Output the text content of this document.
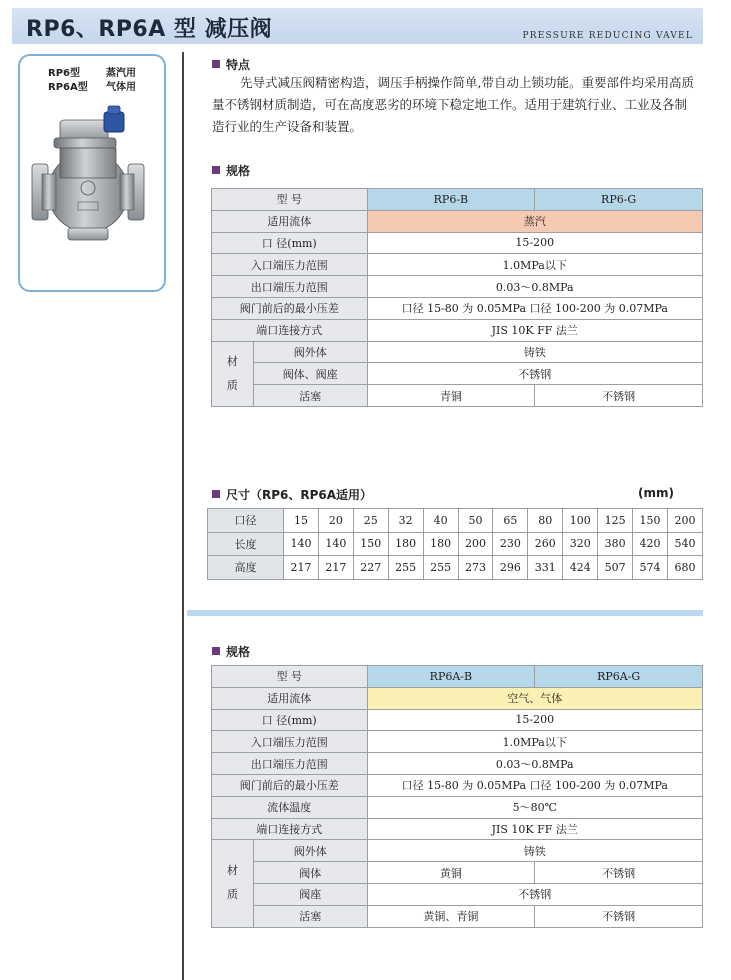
RP6、RP6A 型 减压阀	PRESSURE REDUCING VAVEL
RP6型	蒸汽用
RP6A型 气体用
特点

先导式减压阀精密构造，调压手柄操作简单,带自动上锁功能。重要部件均采用高质量不锈钢材质制造，可在高度恶劣的环境下稳定地工作。适用于建筑行业、工业及各制造行业的生产设备和装置。

规格
型 号		RP6-B	RP6-G
适用流体		蒸汽	
口 径(mm)		15-200	
入口端压力范围		1.0MPa以下	
出口端压力范围		0.03～0.8MPa	
阀门前后的最小压差		口径 15-80 为 0.05MPa 口径 100-200 为 0.07MPa	
端口连接方式		JIS 10K FF 法兰	
材
质	阀外体	铸铁	
	阀体、阀座	不锈钢	
	活塞	青铜	不锈钢
尺寸（RP6、RP6A适用）	(mm)
口径	15	20	25	32	40	50	65	80	100	125	150	200
长度	140	140	150	180	180	200	230	260	320	380	420	540
高度	217	217	227	255	255	273	296	331	424	507	574	680
规格
型 号		RP6A-B	RP6A-G
适用流体		空气、气体	
口 径(mm)		15-200	
入口端压力范围		1.0MPa以下	
出口端压力范围		0.03～0.8MPa	
阀门前后的最小压差		口径 15-80 为 0.05MPa 口径 100-200 为 0.07MPa	
流体温度		5～80℃	
端口连接方式		JIS 10K FF 法兰	
材
质	阀外体	铸铁	
	阀体	黄铜	不锈钢
	阀座	不锈钢	
	活塞	黄铜、青铜	不锈钢
